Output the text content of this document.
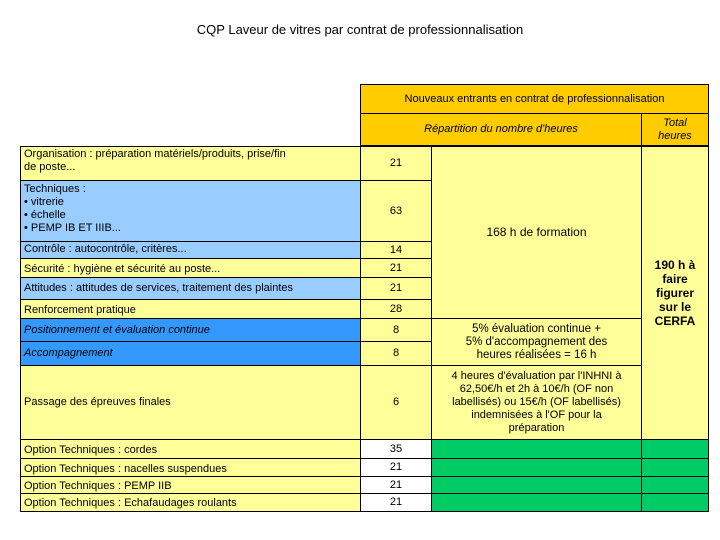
CQP Laveur de vitres par contrat de professionnalisation
Nouveaux entrants en contrat de professionnalisation
Répartition du nombre d'heures
Total
heures
Organisation : préparation matériels/produits, prise/fin
de poste...
Techniques :
• vitrerie
• échelle
• PEMP IB ET IIIB...
Contrôle : autocontrôle, critères...
Sécurité : hygiène et sécurité au poste...
Attitudes : attitudes de services, traitement des plaintes
Renforcement pratique
Positionnement et évaluation continue
Accompagnement
Passage des épreuves finales
Option Techniques : cordes
Option Techniques : nacelles suspendues
Option Techniques : PEMP IIB
Option Techniques : Echafaudages roulants
21
63
14
21
21
28
8
8
6
35
21
21
21
168 h de formation
5% évaluation continue +
5% d'accompagnement des
heures réalisées = 16 h
4 heures d'évaluation par l'INHNI à
62,50€/h et 2h à 10€/h (OF non
labellisés) ou 15€/h (OF labellisés)
indemnisées à l'OF pour la
préparation
190 h à
faire
figurer
sur le
CERFA
